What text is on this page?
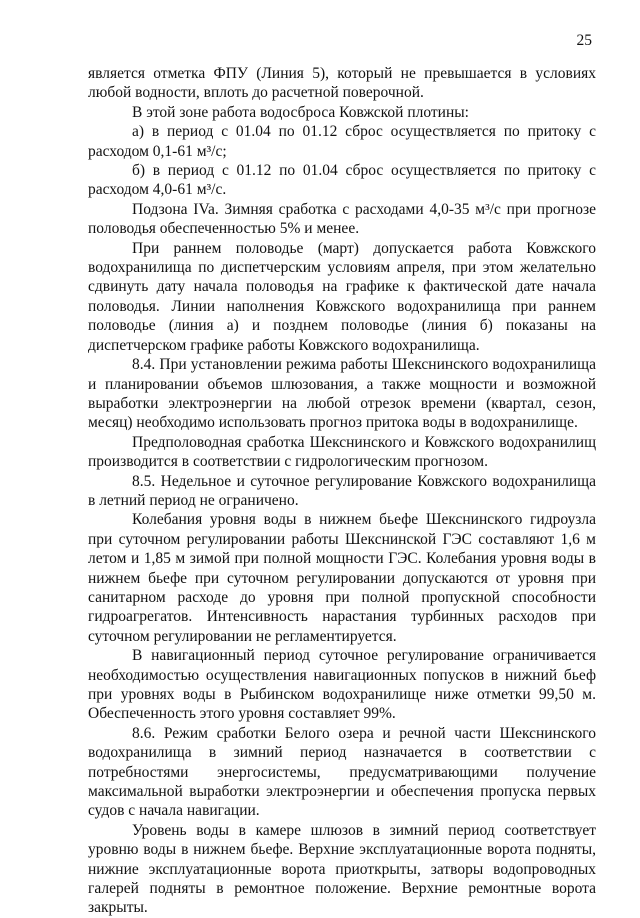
25

является отметка ФПУ (Линия 5), который не превышается в условиях любой водности, вплоть до расчетной поверочной.

В этой зоне работа водосброса Ковжской плотины:

а) в период с 01.04 по 01.12 сброс осуществляется по притоку с расходом 0,1-61 м³/с;

б) в период с 01.12 по 01.04 сброс осуществляется по притоку с расходом 4,0-61 м³/с.

Подзона IVa. Зимняя сработка с расходами 4,0-35 м³/с при прогнозе половодья обеспеченностью 5% и менее.

При раннем половодье (март) допускается работа Ковжского водохранилища по диспетчерским условиям апреля, при этом желательно сдвинуть дату начала половодья на графике к фактической дате начала половодья. Линии наполнения Ковжского водохранилища при раннем половодье (линия а) и позднем половодье (линия б) показаны на диспетчерском графике работы Ковжского водохранилища.

8.4. При установлении режима работы Шекснинского водохранилища и планировании объемов шлюзования, а также мощности и возможной выработки электроэнергии на любой отрезок времени (квартал, сезон, месяц) необходимо использовать прогноз притока воды в водохранилище.

Предполоводная сработка Шекснинского и Ковжского водохранилищ производится в соответствии с гидрологическим прогнозом.

8.5. Недельное и суточное регулирование Ковжского водохранилища в летний период не ограничено.

Колебания уровня воды в нижнем бьефе Шекснинского гидроузла при суточном регулировании работы Шекснинской ГЭС составляют 1,6 м летом и 1,85 м зимой при полной мощности ГЭС. Колебания уровня воды в нижнем бьефе при суточном регулировании допускаются от уровня при санитарном расходе до уровня при полной пропускной способности гидроагрегатов. Интенсивность нарастания турбинных расходов при суточном регулировании не регламентируется.

В навигационный период суточное регулирование ограничивается необходимостью осуществления навигационных попусков в нижний бьеф при уровнях воды в Рыбинском водохранилище ниже отметки 99,50 м. Обеспеченность этого уровня составляет 99%.

8.6. Режим сработки Белого озера и речной части Шекснинского водохранилища в зимний период назначается в соответствии с потребностями энергосистемы, предусматривающими получение максимальной выработки электроэнергии и обеспечения пропуска первых судов с начала навигации.

Уровень воды в камере шлюзов в зимний период соответствует уровню воды в нижнем бьефе. Верхние эксплуатационные ворота подняты, нижние эксплуатационные ворота приоткрыты, затворы водопроводных галерей подняты в ремонтное положение. Верхние ремонтные ворота закрыты.
